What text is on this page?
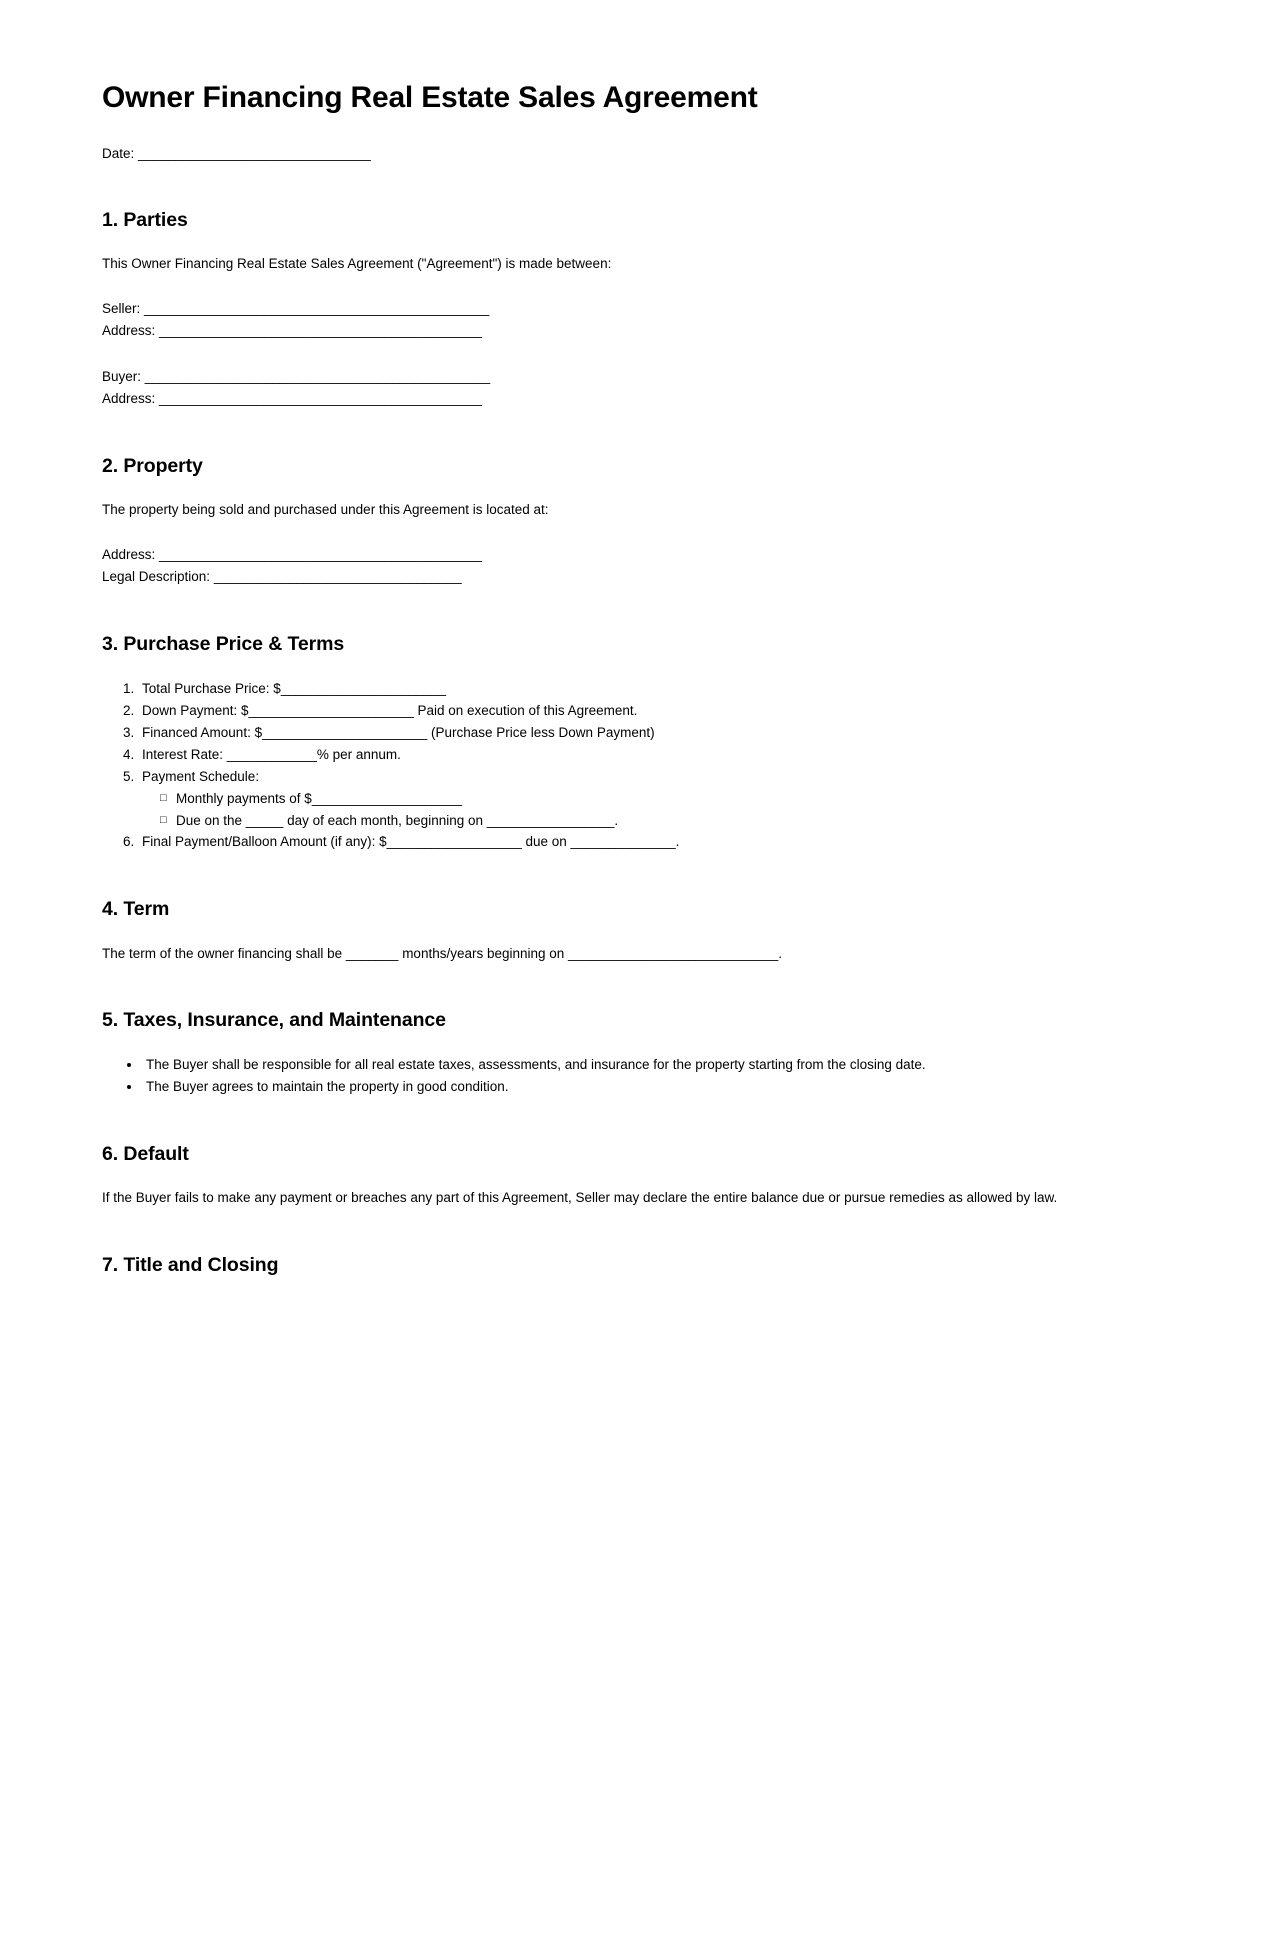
Owner Financing Real Estate Sales Agreement
Date: _______________________________
1. Parties

This Owner Financing Real Estate Sales Agreement ("Agreement") is made between:

Seller: ______________________________________________
Address: ___________________________________________
Buyer: ______________________________________________
Address: ___________________________________________
2. Property

The property being sold and purchased under this Agreement is located at:

Address: ___________________________________________
Legal Description: _________________________________
3. Purchase Price & Terms
1. Total Purchase Price: $______________________
2. Down Payment: $______________________ Paid on execution of this Agreement.
3. Financed Amount: $______________________ (Purchase Price less Down Payment)
4. Interest Rate: ____________% per annum.
5. Payment Schedule:
□ Monthly payments of $____________________
□ Due on the _____ day of each month, beginning on _________________.
6. Final Payment/Balloon Amount (if any): $__________________ due on ______________.
4. Term

The term of the owner financing shall be _______ months/years beginning on ____________________________.

5. Taxes, Insurance, and Maintenance
• The Buyer shall be responsible for all real estate taxes, assessments, and insurance for the property starting from the closing date.
• The Buyer agrees to maintain the property in good condition.
6. Default

If the Buyer fails to make any payment or breaches any part of this Agreement, Seller may declare the entire balance due or pursue remedies as allowed by law.

7. Title and Closing
